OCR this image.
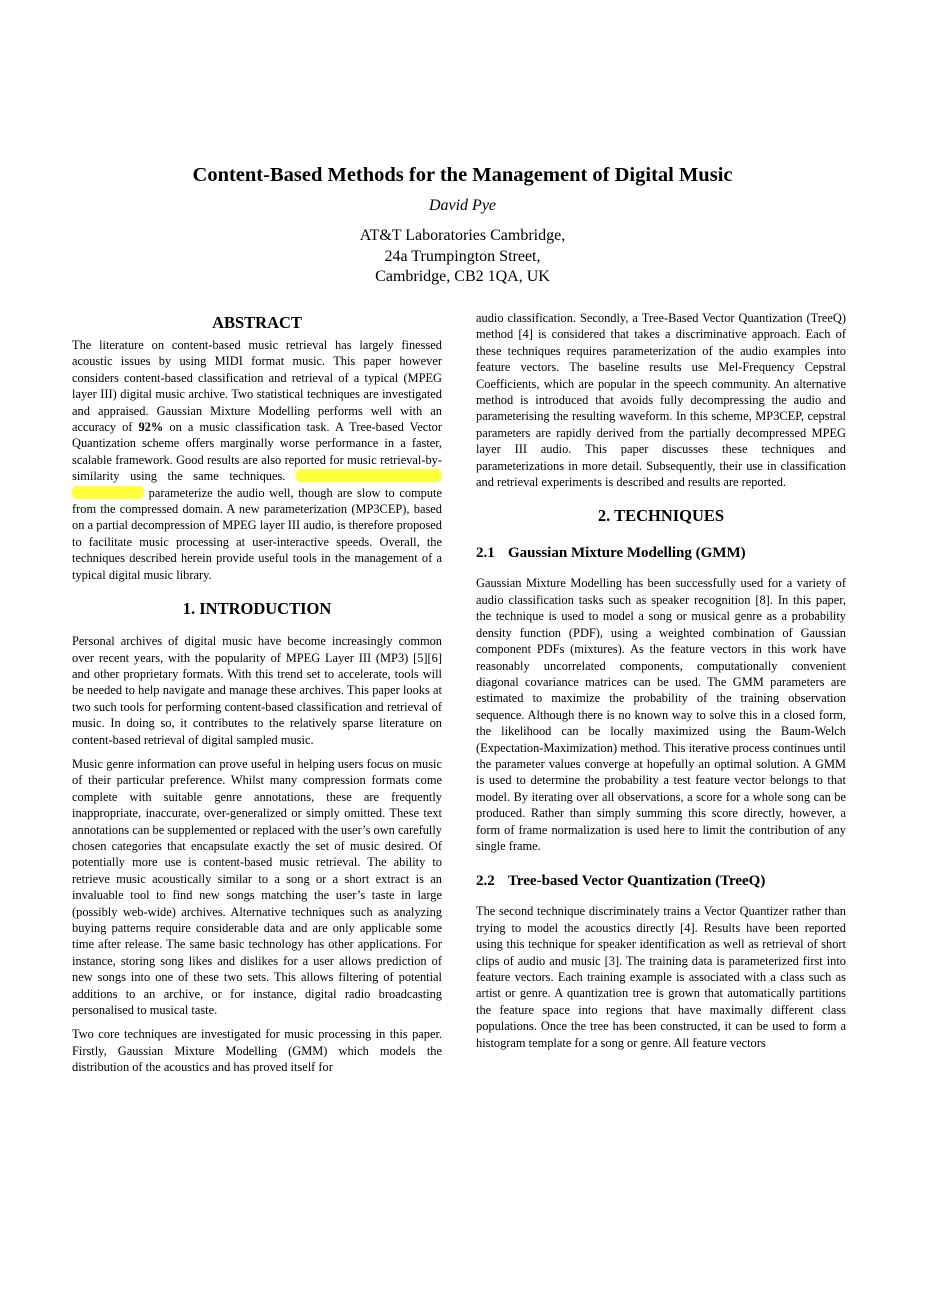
Content-Based Methods for the Management of Digital Music
David Pye
AT&T Laboratories Cambridge,
24a Trumpington Street,
Cambridge, CB2 1QA, UK
ABSTRACT

The literature on content-based music retrieval has largely finessed acoustic issues by using MIDI format music. This paper however considers content-based classification and retrieval of a typical (MPEG layer III) digital music archive. Two statistical techniques are investigated and appraised. Gaussian Mixture Modelling performs well with an accuracy of 92% on a music classification task. A Tree-based Vector Quantization scheme offers marginally worse performance in a faster, scalable framework. Good results are also reported for music retrieval-by-similarity using the same techniques.   parameterize the audio well, though are slow to compute from the compressed domain. A new parameterization (MP3CEP), based on a partial decompression of MPEG layer III audio, is therefore proposed to facilitate music processing at user-interactive speeds. Overall, the techniques described herein provide useful tools in the management of a typical digital music library.

1. INTRODUCTION

Personal archives of digital music have become increasingly common over recent years, with the popularity of MPEG Layer III (MP3) [5][6] and other proprietary formats. With this trend set to accelerate, tools will be needed to help navigate and manage these archives. This paper looks at two such tools for performing content-based classification and retrieval of music. In doing so, it contributes to the relatively sparse literature on content-based retrieval of digital sampled music.

Music genre information can prove useful in helping users focus on music of their particular preference. Whilst many compression formats come complete with suitable genre annotations, these are frequently inappropriate, inaccurate, over-generalized or simply omitted. These text annotations can be supplemented or replaced with the user’s own carefully chosen categories that encapsulate exactly the set of music desired. Of potentially more use is content-based music retrieval. The ability to retrieve music acoustically similar to a song or a short extract is an invaluable tool to find new songs matching the user’s taste in large (possibly web-wide) archives. Alternative techniques such as analyzing buying patterns require considerable data and are only applicable some time after release. The same basic technology has other applications. For instance, storing song likes and dislikes for a user allows prediction of new songs into one of these two sets. This allows filtering of potential additions to an archive, or for instance, digital radio broadcasting personalised to musical taste.

Two core techniques are investigated for music processing in this paper. Firstly, Gaussian Mixture Modelling (GMM) which models the distribution of the acoustics and has proved itself for

audio classification. Secondly, a Tree-Based Vector Quantization (TreeQ) method [4] is considered that takes a discriminative approach. Each of these techniques requires parameterization of the audio examples into feature vectors. The baseline results use Mel-Frequency Cepstral Coefficients, which are popular in the speech community. An alternative method is introduced that avoids fully decompressing the audio and parameterising the resulting waveform. In this scheme, MP3CEP, cepstral parameters are rapidly derived from the partially decompressed MPEG layer III audio. This paper discusses these techniques and parameterizations in more detail. Subsequently, their use in classification and retrieval experiments is described and results are reported.

2. TECHNIQUES
2.1 Gaussian Mixture Modelling (GMM)

Gaussian Mixture Modelling has been successfully used for a variety of audio classification tasks such as speaker recognition [8]. In this paper, the technique is used to model a song or musical genre as a probability density function (PDF), using a weighted combination of Gaussian component PDFs (mixtures). As the feature vectors in this work have reasonably uncorrelated components, computationally convenient diagonal covariance matrices can be used. The GMM parameters are estimated to maximize the probability of the training observation sequence. Although there is no known way to solve this in a closed form, the likelihood can be locally maximized using the Baum-Welch (Expectation-Maximization) method. This iterative process continues until the parameter values converge at hopefully an optimal solution. A GMM is used to determine the probability a test feature vector belongs to that model. By iterating over all observations, a score for a whole song can be produced. Rather than simply summing this score directly, however, a form of frame normalization is used here to limit the contribution of any single frame.

2.2 Tree-based Vector Quantization (TreeQ)

The second technique discriminately trains a Vector Quantizer rather than trying to model the acoustics directly [4]. Results have been reported using this technique for speaker identification as well as retrieval of short clips of audio and music [3]. The training data is parameterized first into feature vectors. Each training example is associated with a class such as artist or genre. A quantization tree is grown that automatically partitions the feature space into regions that have maximally different class populations. Once the tree has been constructed, it can be used to form a histogram template for a song or genre. All feature vectors
